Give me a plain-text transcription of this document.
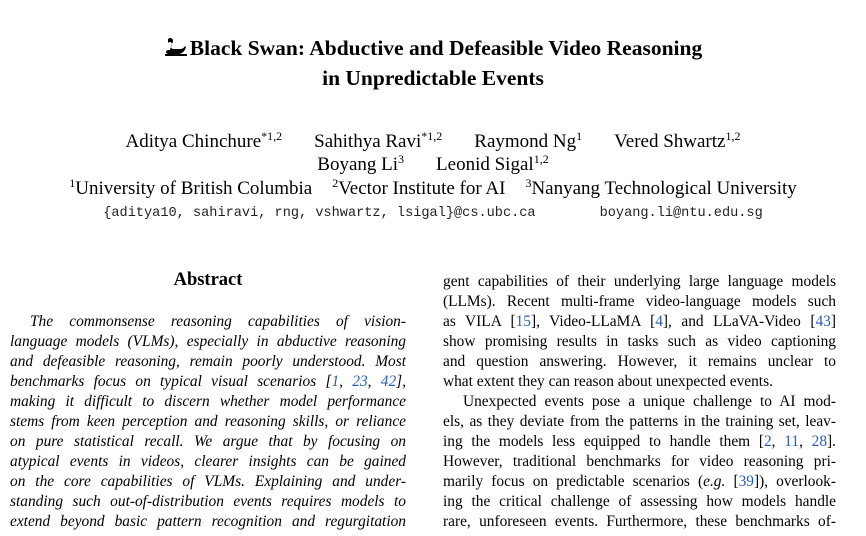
Black Swan: Abductive and Defeasible Video Reasoning
in Unpredictable Events
Aditya Chinchure$^{*1,2}$ Sahithya Ravi$^{*1,2}$ Raymond Ng$^1$ Vered Shwartz$^{1,2}$
Boyang Li$^3$ Leonid Sigal$^{1,2}$
$^1$University of British Columbia $^2$Vector Institute for AI $^3$Nanyang Technological University
{aditya10, sahiravi, rng, vshwartz, lsigal}@cs.ubc.ca	boyang.li@ntu.edu.sg
Abstract
The commonsense reasoning capabilities of vision-
language models (VLMs), especially in abductive reasoning
and defeasible reasoning, remain poorly understood. Most
benchmarks focus on typical visual scenarios [1, 23, 42],
making it difficult to discern whether model performance
stems from keen perception and reasoning skills, or reliance
on pure statistical recall. We argue that by focusing on
atypical events in videos, clearer insights can be gained
on the core capabilities of VLMs. Explaining and under-
standing such out-of-distribution events requires models to
extend beyond basic pattern recognition and regurgitation
gent capabilities of their underlying large language models
(LLMs). Recent multi-frame video-language models such
as VILA [15], Video-LLaMA [4], and LLaVA-Video [43]
show promising results in tasks such as video captioning
and question answering. However, it remains unclear to
what extent they can reason about unexpected events.
Unexpected events pose a unique challenge to AI mod-
els, as they deviate from the patterns in the training set, leav-
ing the models less equipped to handle them [2, 11, 28].
However, traditional benchmarks for video reasoning pri-
marily focus on predictable scenarios (e.g. [39]), overlook-
ing the critical challenge of assessing how models handle
rare, unforeseen events. Furthermore, these benchmarks of-
